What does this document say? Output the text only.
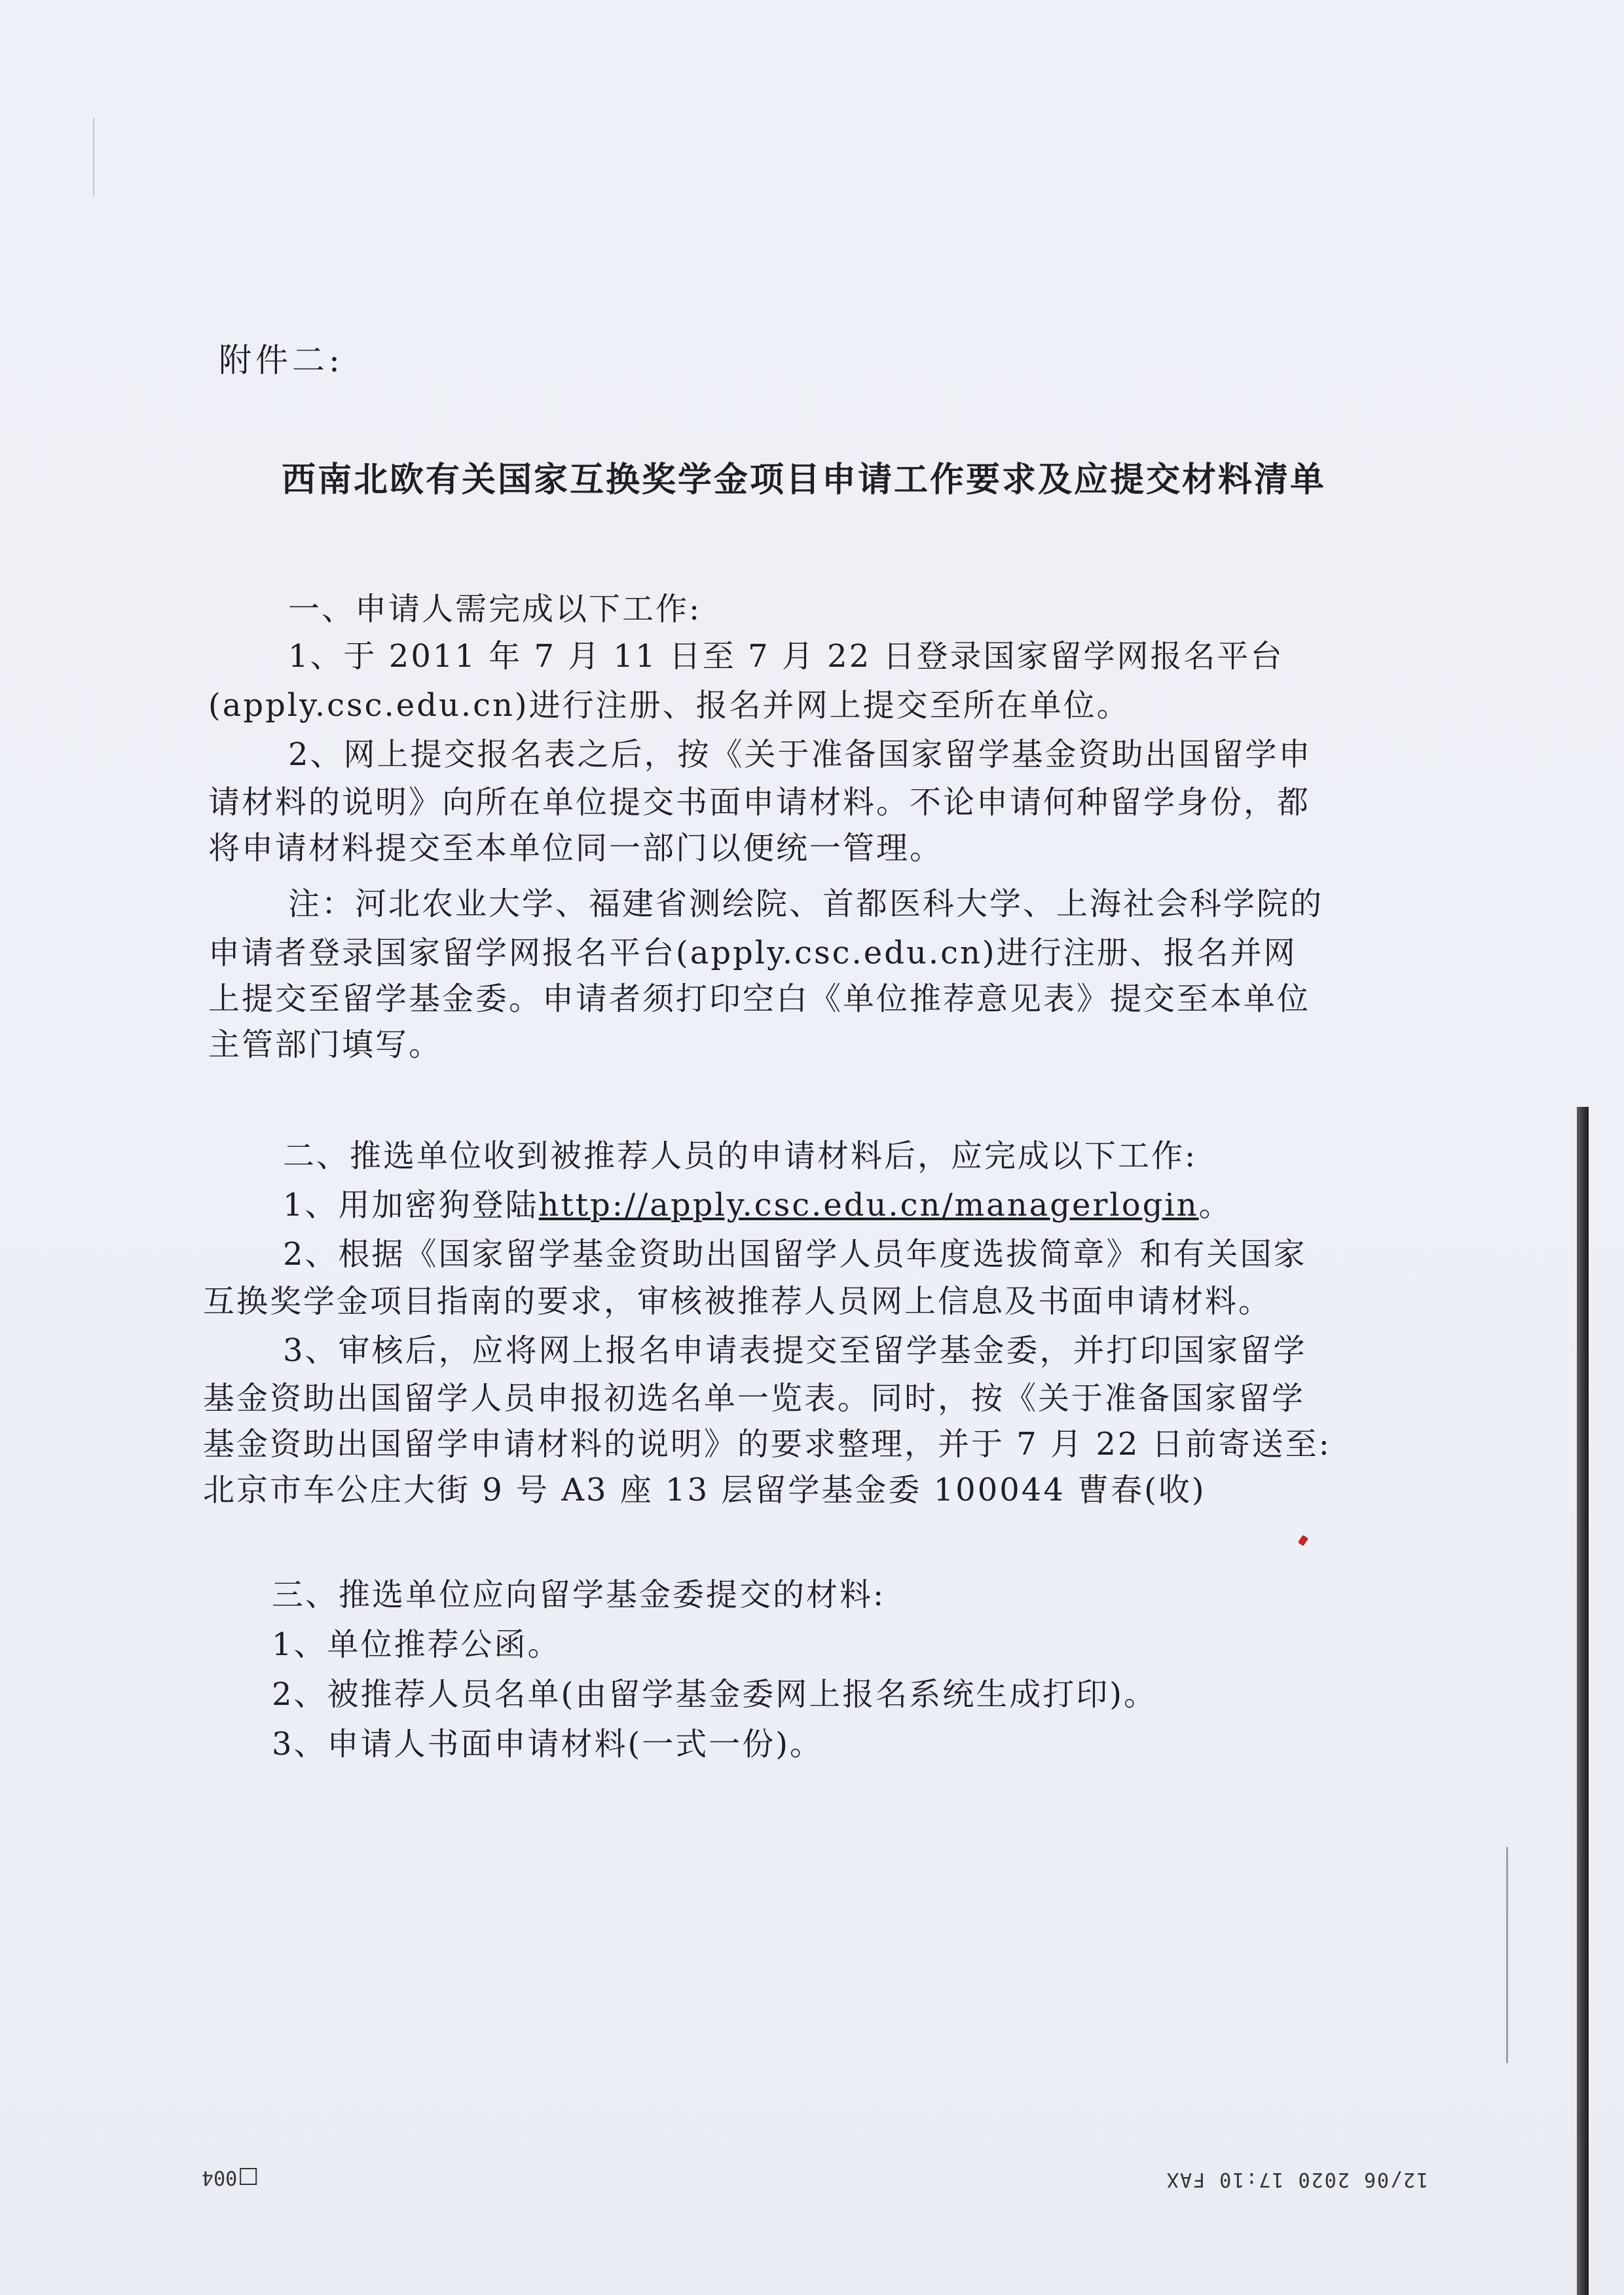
附件二:
西南北欧有关国家互换奖学金项目申请工作要求及应提交材料清单
一、申请人需完成以下工作:
1、于 2011 年 7 月 11 日至 7 月 22 日登录国家留学网报名平台
(apply.csc.edu.cn)进行注册、报名并网上提交至所在单位。
2、网上提交报名表之后，按《关于准备国家留学基金资助出国留学申
请材料的说明》向所在单位提交书面申请材料。不论申请何种留学身份，都
将申请材料提交至本单位同一部门以便统一管理。
注：河北农业大学、福建省测绘院、首都医科大学、上海社会科学院的
申请者登录国家留学网报名平台(apply.csc.edu.cn)进行注册、报名并网
上提交至留学基金委。申请者须打印空白《单位推荐意见表》提交至本单位
主管部门填写。
二、推选单位收到被推荐人员的申请材料后，应完成以下工作:
1、用加密狗登陆http://apply.csc.edu.cn/managerlogin。
2、根据《国家留学基金资助出国留学人员年度选拔简章》和有关国家
互换奖学金项目指南的要求，审核被推荐人员网上信息及书面申请材料。
3、审核后，应将网上报名申请表提交至留学基金委，并打印国家留学
基金资助出国留学人员申报初选名单一览表。同时，按《关于准备国家留学
基金资助出国留学申请材料的说明》的要求整理，并于 7 月 22 日前寄送至:
北京市车公庄大街 9 号 A3 座 13 层留学基金委 100044 曹春(收)
三、推选单位应向留学基金委提交的材料:
1、单位推荐公函。
2、被推荐人员名单(由留学基金委网上报名系统生成打印)。
3、申请人书面申请材料(一式一份)。
004	12/06 2020 17:10 FAX
